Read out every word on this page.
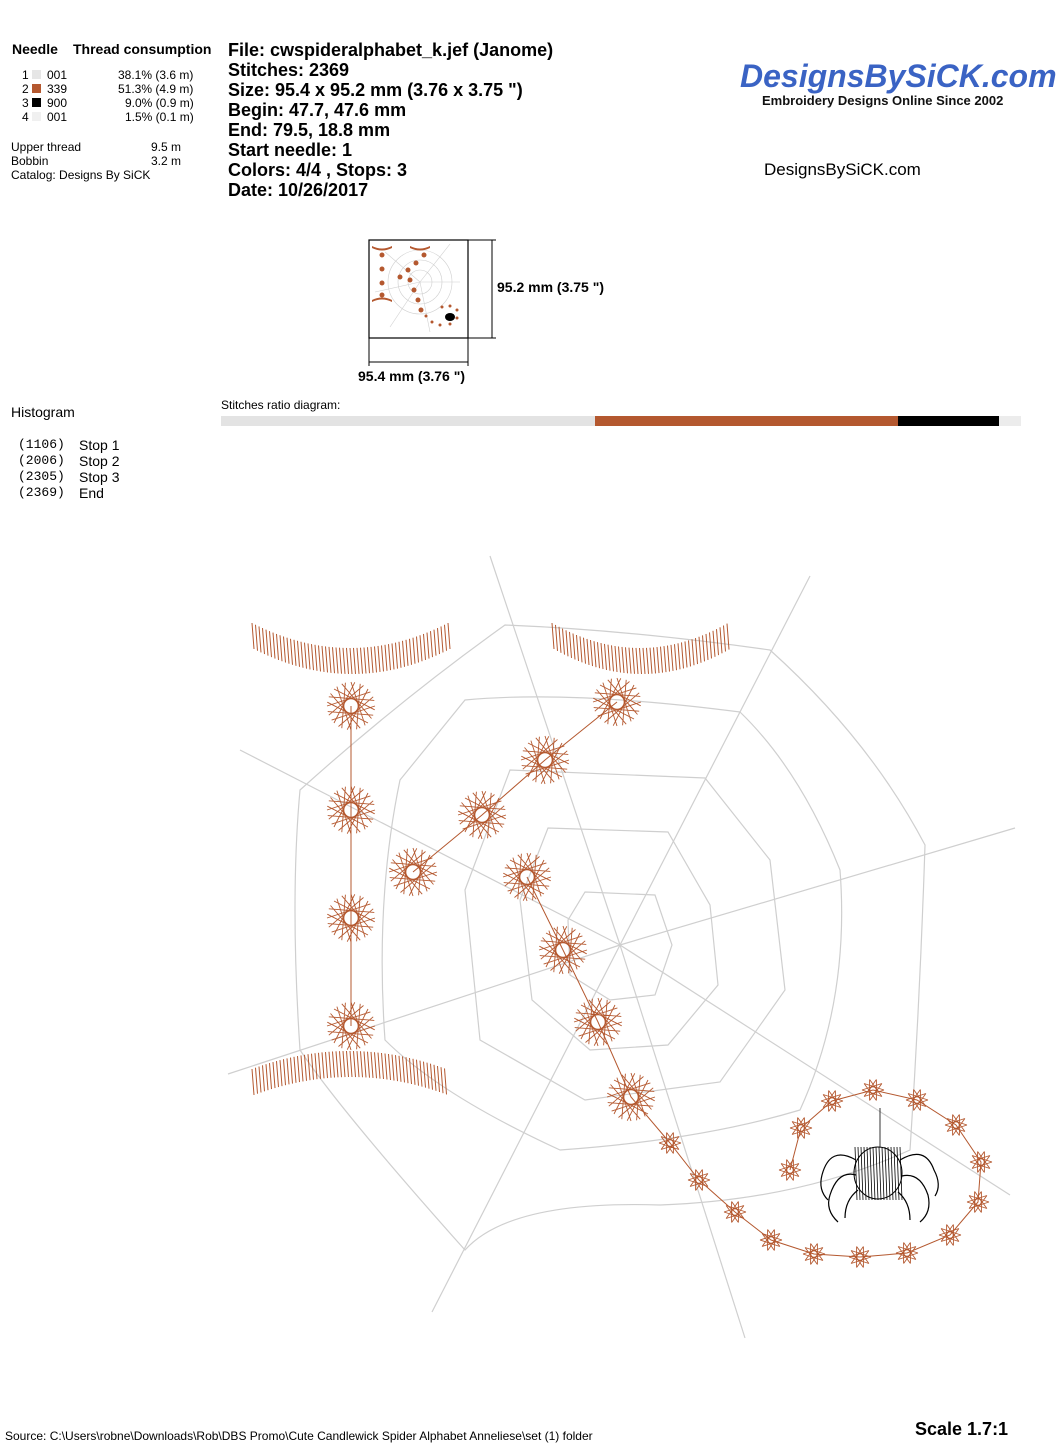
Needle Thread consumption
1 001	38.1% (3.6 m)
2 339	51.3% (4.9 m)
3 900	9.0% (0.9 m)
4 001	1.5% (0.1 m)
Upper thread	9.5 m
Bobbin	3.2 m
Catalog: Designs By SiCK
File: cwspideralphabet_k.jef (Janome)
Stitches: 2369
Size: 95.4 x 95.2 mm (3.76 x 3.75 ")
Begin: 47.7, 47.6 mm
End: 79.5, 18.8 mm
Start needle: 1
Colors: 4/4 , Stops: 3
Date: 10/26/2017
DesignsBySiCK.com
Embroidery Designs Online Since 2002
DesignsBySiCK.com
95.2 mm (3.75 ")
95.4 mm (3.76 ")
Stitches ratio diagram:
Histogram
(1106) Stop 1
(2006) Stop 2
(2305) Stop 3
(2369) End
Source: C:\Users\robne\Downloads\Rob\DBS Promo\Cute Candlewick Spider Alphabet Anneliese\set (1) folder	Scale 1.7:1
